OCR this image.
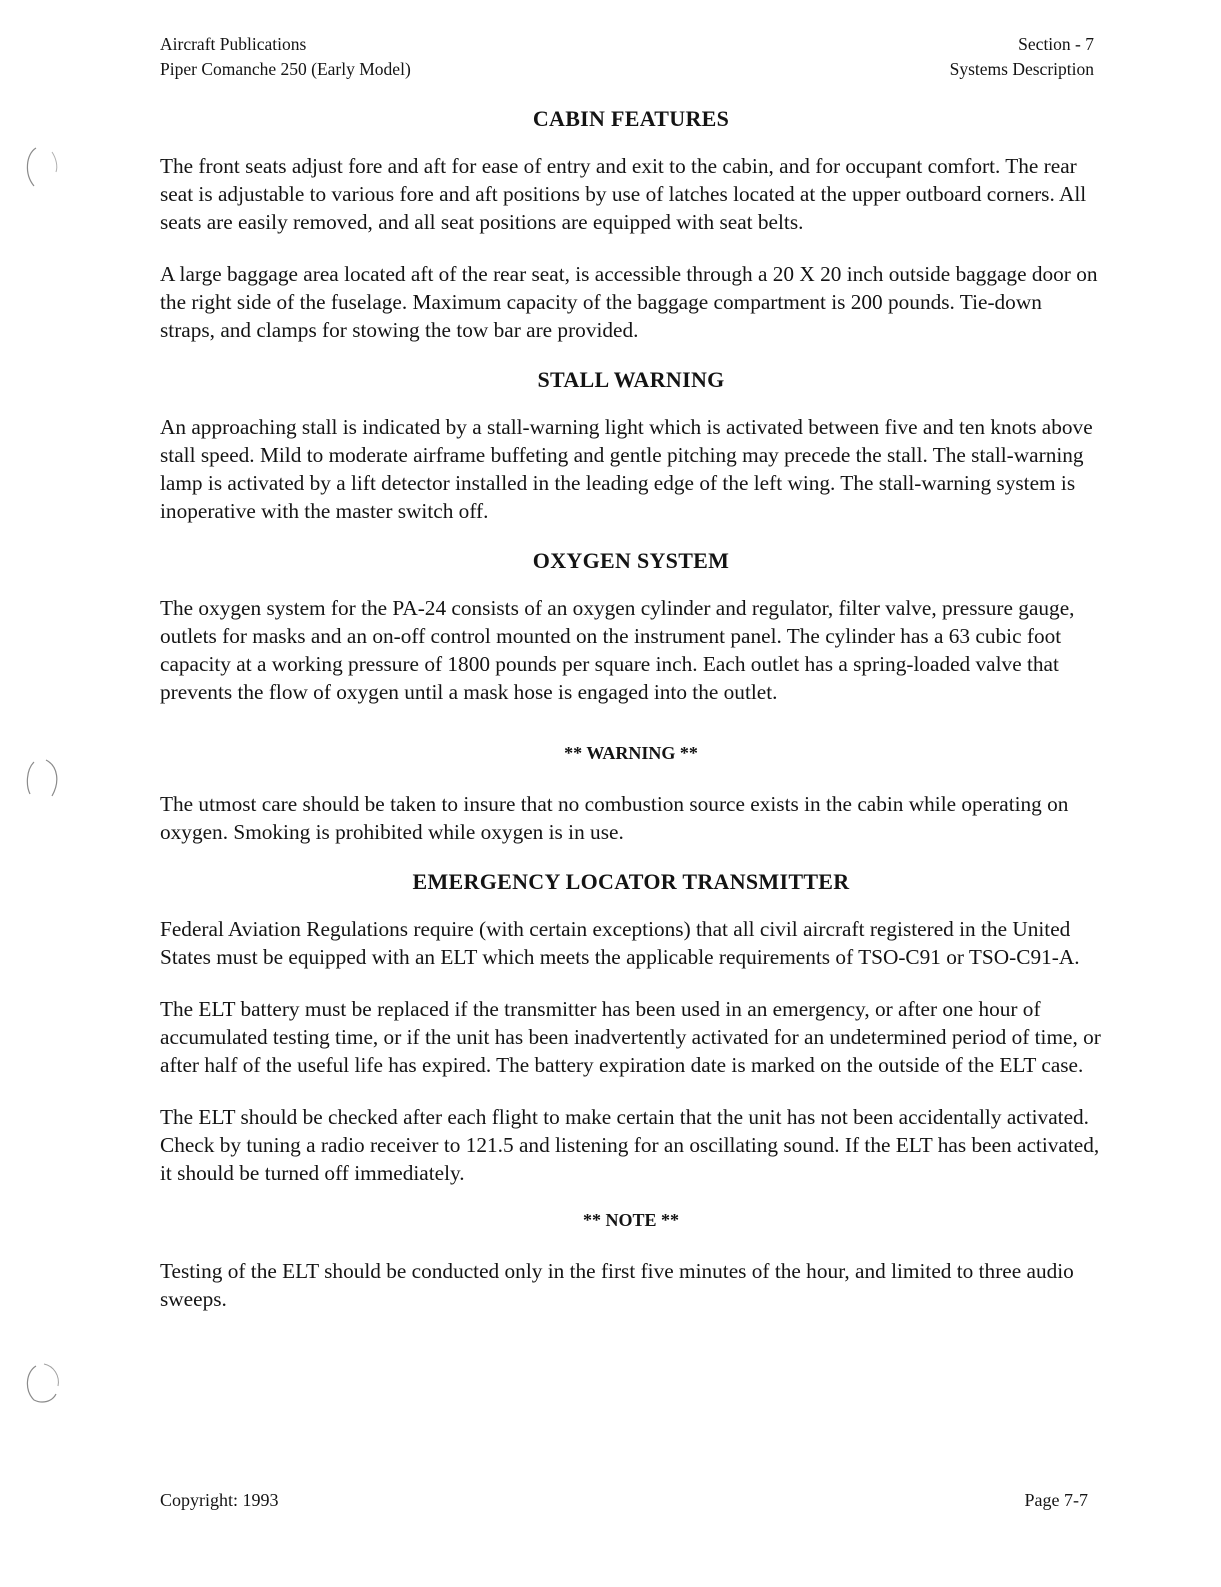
Aircraft Publications
Piper Comanche 250 (Early Model)
Section - 7
Systems Description
CABIN FEATURES

The front seats adjust fore and aft for ease of entry and exit to the cabin, and for occupant comfort. The rear seat is adjustable to various fore and aft positions by use of latches located at the upper outboard corners. All seats are easily removed, and all seat positions are equipped with seat belts.

A large baggage area located aft of the rear seat, is accessible through a 20 X 20 inch outside baggage door on the right side of the fuselage. Maximum capacity of the baggage compartment is 200 pounds. Tie-down straps, and clamps for stowing the tow bar are provided.

STALL WARNING

An approaching stall is indicated by a stall-warning light which is activated between five and ten knots above stall speed. Mild to moderate airframe buffeting and gentle pitching may precede the stall. The stall-warning lamp is activated by a lift detector installed in the leading edge of the left wing. The stall-warning system is inoperative with the master switch off.

OXYGEN SYSTEM

The oxygen system for the PA-24 consists of an oxygen cylinder and regulator, filter valve, pressure gauge, outlets for masks and an on-off control mounted on the instrument panel. The cylinder has a 63 cubic foot capacity at a working pressure of 1800 pounds per square inch. Each outlet has a spring-loaded valve that prevents the flow of oxygen until a mask hose is engaged into the outlet.

** WARNING **

The utmost care should be taken to insure that no combustion source exists in the cabin while operating on oxygen. Smoking is prohibited while oxygen is in use.

EMERGENCY LOCATOR TRANSMITTER

Federal Aviation Regulations require (with certain exceptions) that all civil aircraft registered in the United States must be equipped with an ELT which meets the applicable requirements of TSO-C91 or TSO-C91-A.

The ELT battery must be replaced if the transmitter has been used in an emergency, or after one hour of accumulated testing time, or if the unit has been inadvertently activated for an undetermined period of time, or after half of the useful life has expired. The battery expiration date is marked on the outside of the ELT case.

The ELT should be checked after each flight to make certain that the unit has not been accidentally activated. Check by tuning a radio receiver to 121.5 and listening for an oscillating sound. If the ELT has been activated, it should be turned off immediately.

** NOTE **

Testing of the ELT should be conducted only in the first five minutes of the hour, and limited to three audio sweeps.

Copyright: 1993	Page 7-7
